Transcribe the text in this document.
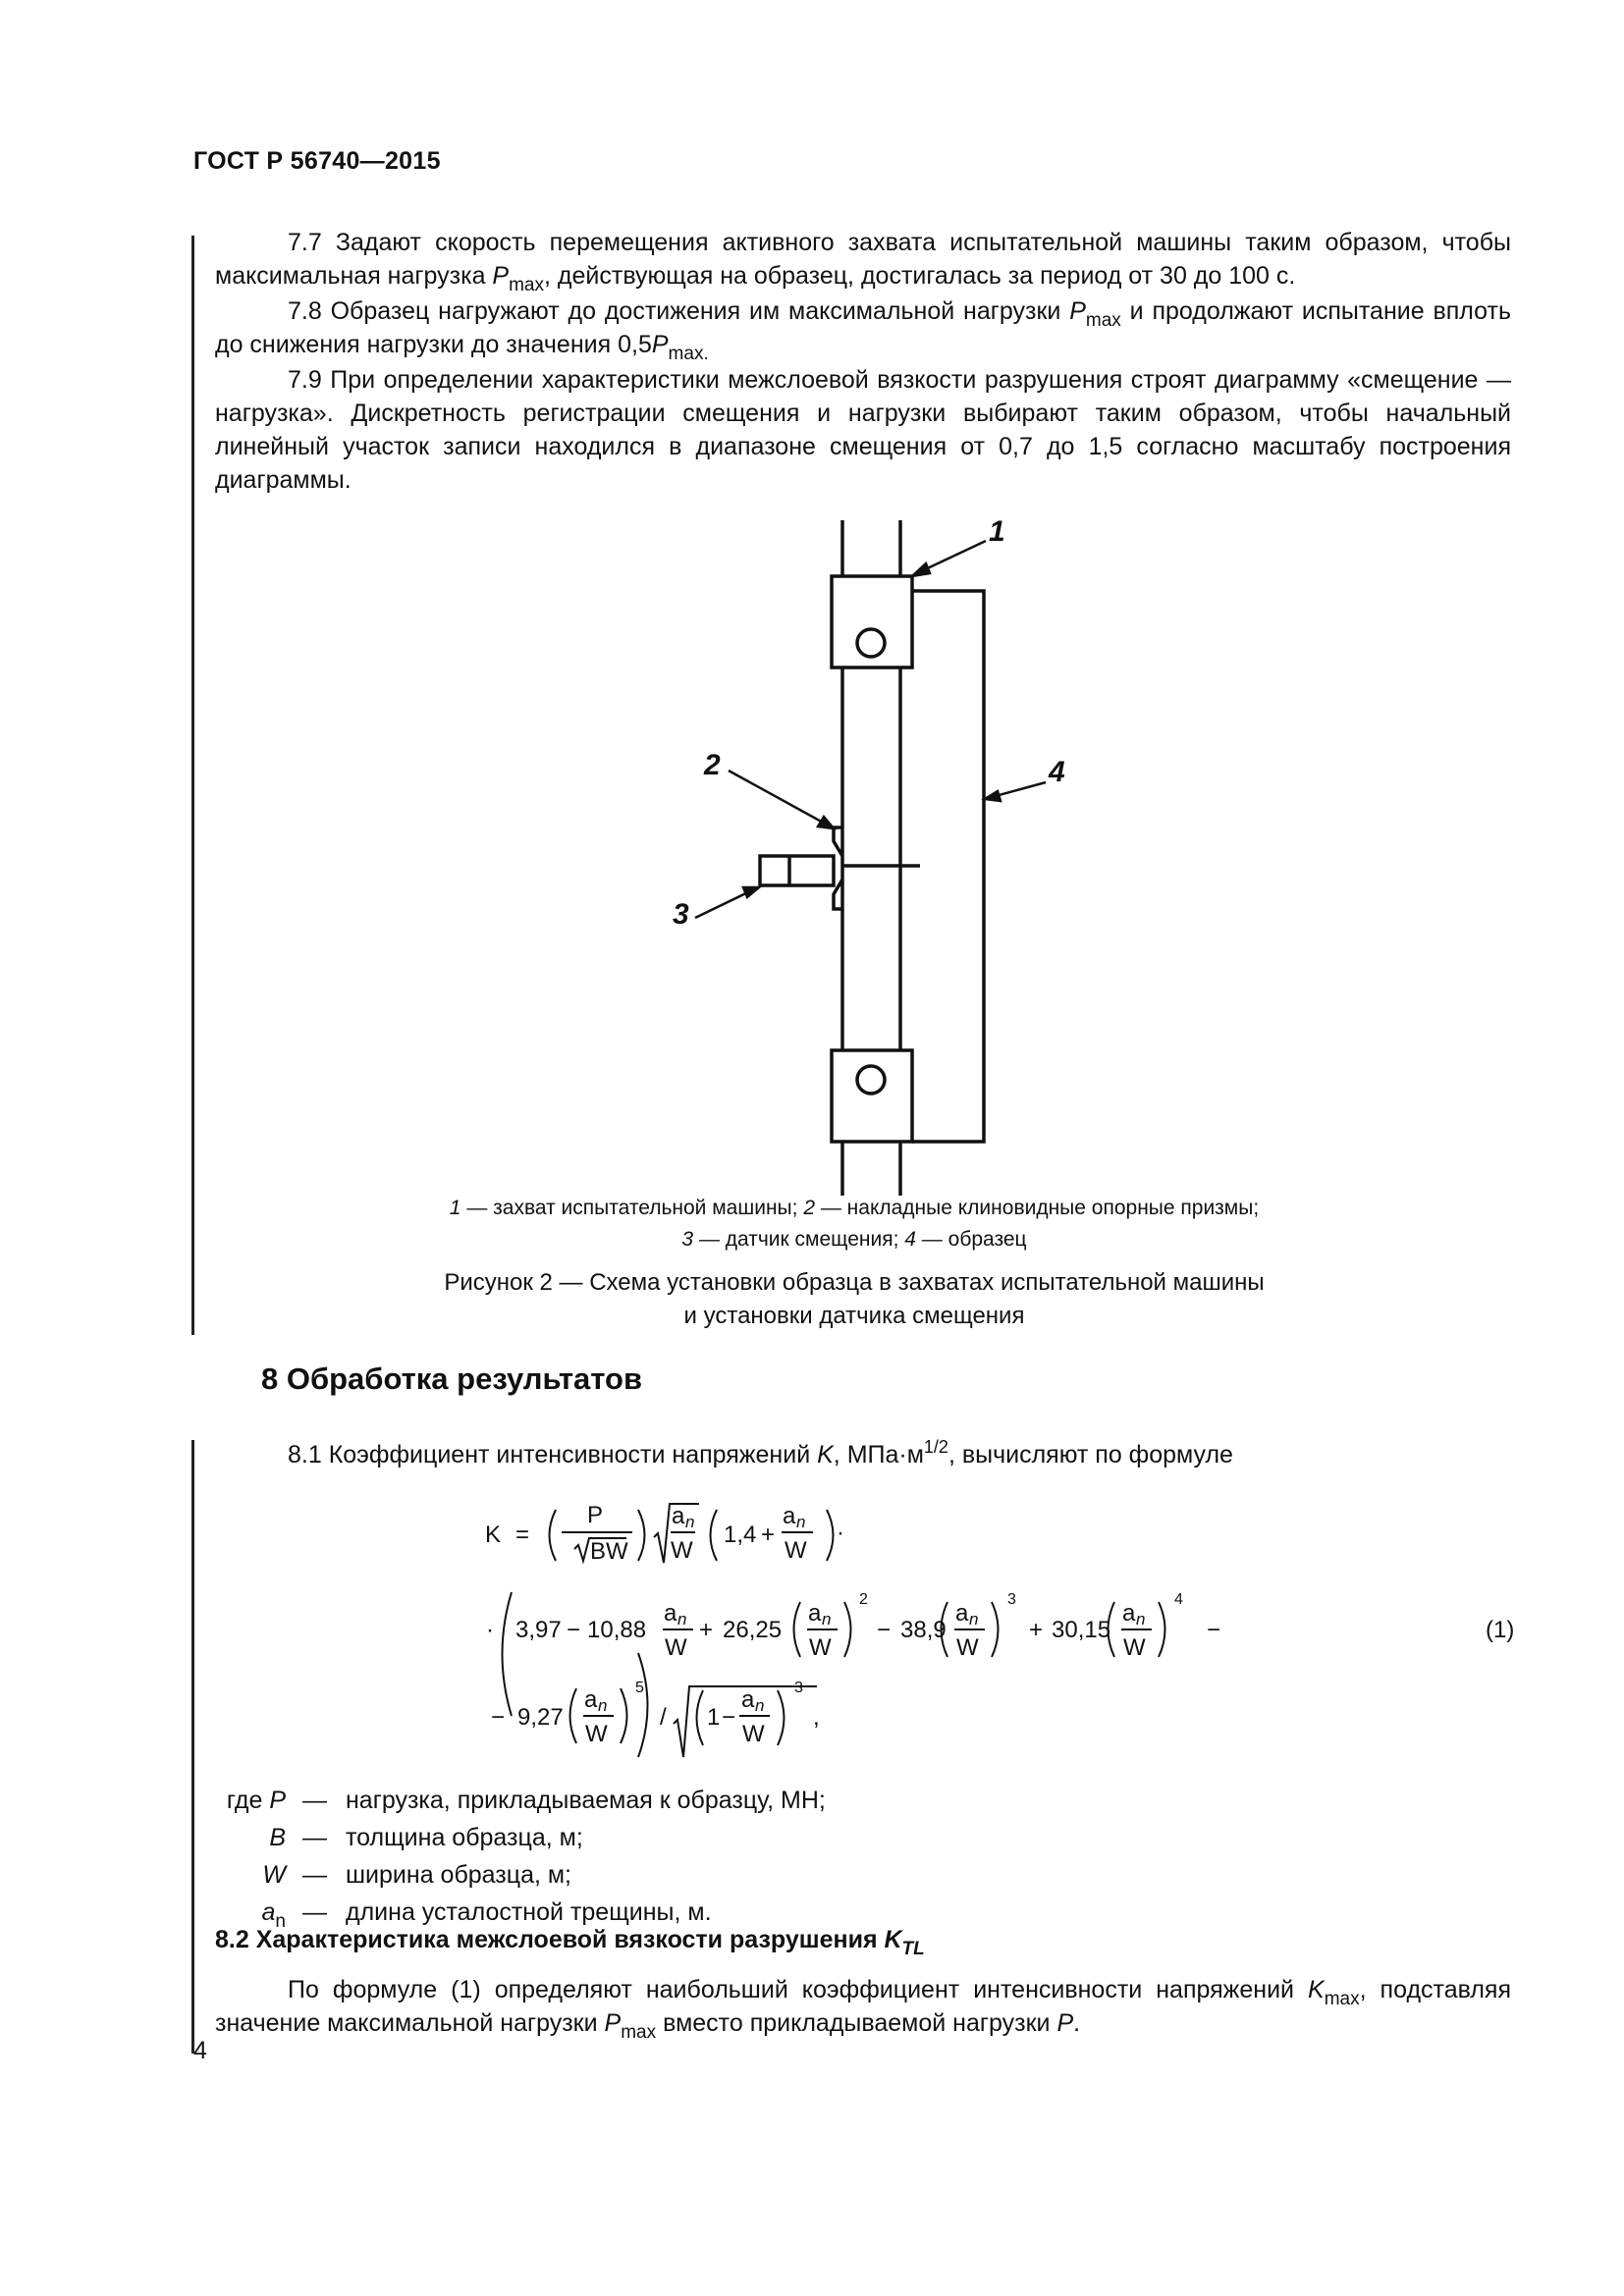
ГОСТ Р 56740—2015
7.7 Задают скорость перемещения активного захвата испытательной машины таким образом, чтобы максимальная нагрузка $P_{max}$, действующая на образец, достигалась за период от 30 до 100 с.
7.8 Образец нагружают до достижения им максимальной нагрузки $P_{max}$ и продолжают испытание вплоть до снижения нагрузки до значения $0,5P_{max.}$
7.9 При определении характеристики межслоевой вязкости разрушения строят диаграмму «смещение — нагрузка». Дискретность регистрации смещения и нагрузки выбирают таким образом, чтобы начальный линейный участок записи находился в диапазоне смещения от 0,7 до 1,5 согласно масштабу построения диаграммы.
1
2	4
3
1 — захват испытательной машины; 2 — накладные клиновидные опорные призмы;
3 — датчик смещения; 4 — образец
Рисунок 2 — Схема установки образца в захватах испытательной машины
и установки датчика смещения
8 Обработка результатов
8.1 Коэффициент интенсивности напряжений K, $МПа\cdot м^{1/2}$, вычисляют по формуле
K =
P
BW
a n
W
1,4 +
a n
W
·
· 3,97 − 10,88
a n
W
+ 26,25
a n
W
2
− 38,9
a n
W
3
+ 30,15
a n
W
4
−	(1)
− 9,27
a n
W
5
/ 1 −
a n
W
3
,
где P — нагрузка, прикладываемая к образцу, МН;
B — толщина образца, м;
W — ширина образца, м;
$a_n$ — длина усталостной трещины, м.
8.2 Характеристика межслоевой вязкости разрушения $K_{TL}$
По формуле (1) определяют наибольший коэффициент интенсивности напряжений $K_{max}$, подставляя значение максимальной нагрузки $P_{max}$ вместо прикладываемой нагрузки P.
4
